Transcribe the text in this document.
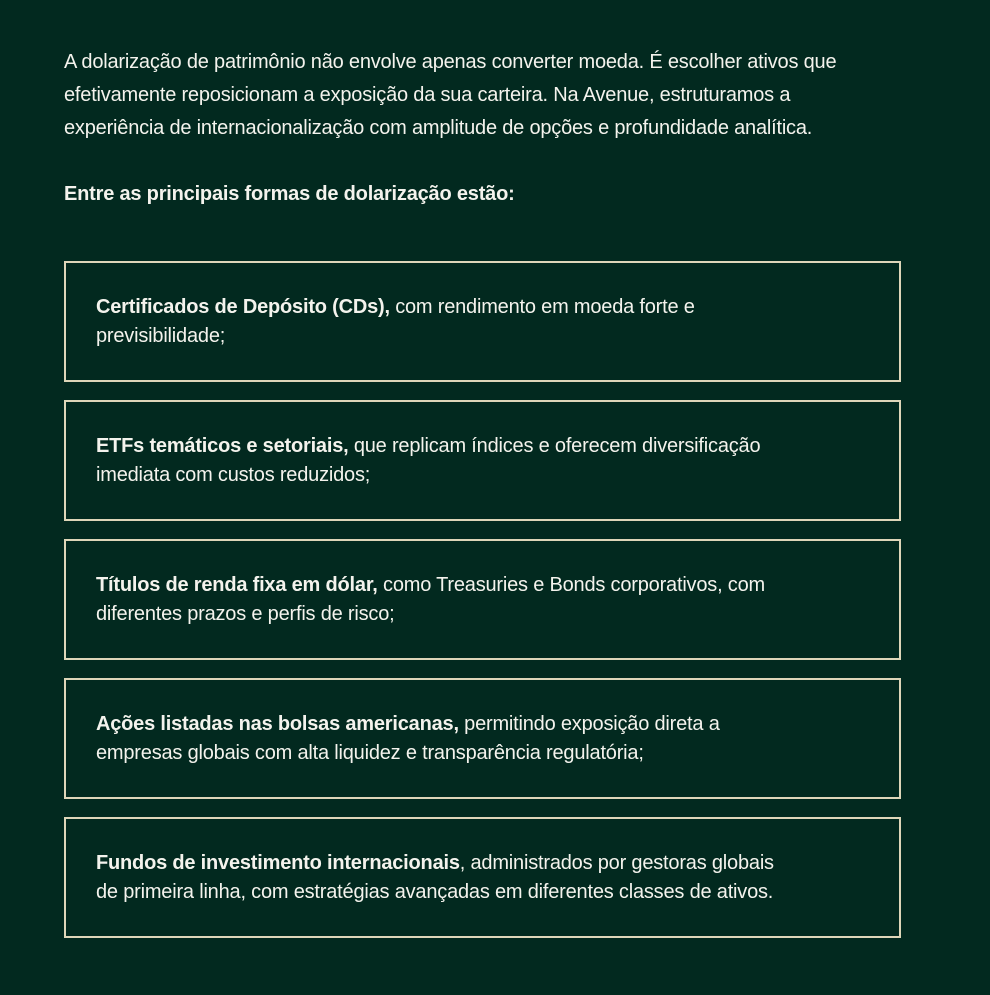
A dolarização de patrimônio não envolve apenas converter moeda. É escolher ativos que
efetivamente reposicionam a exposição da sua carteira. Na Avenue, estruturamos a
experiência de internacionalização com amplitude de opções e profundidade analítica.
Entre as principais formas de dolarização estão:
Certificados de Depósito (CDs), com rendimento em moeda forte e
previsibilidade;
ETFs temáticos e setoriais, que replicam índices e oferecem diversificação
imediata com custos reduzidos;
Títulos de renda fixa em dólar, como Treasuries e Bonds corporativos, com
diferentes prazos e perfis de risco;
Ações listadas nas bolsas americanas, permitindo exposição direta a
empresas globais com alta liquidez e transparência regulatória;
Fundos de investimento internacionais, administrados por gestoras globais
de primeira linha, com estratégias avançadas em diferentes classes de ativos.
